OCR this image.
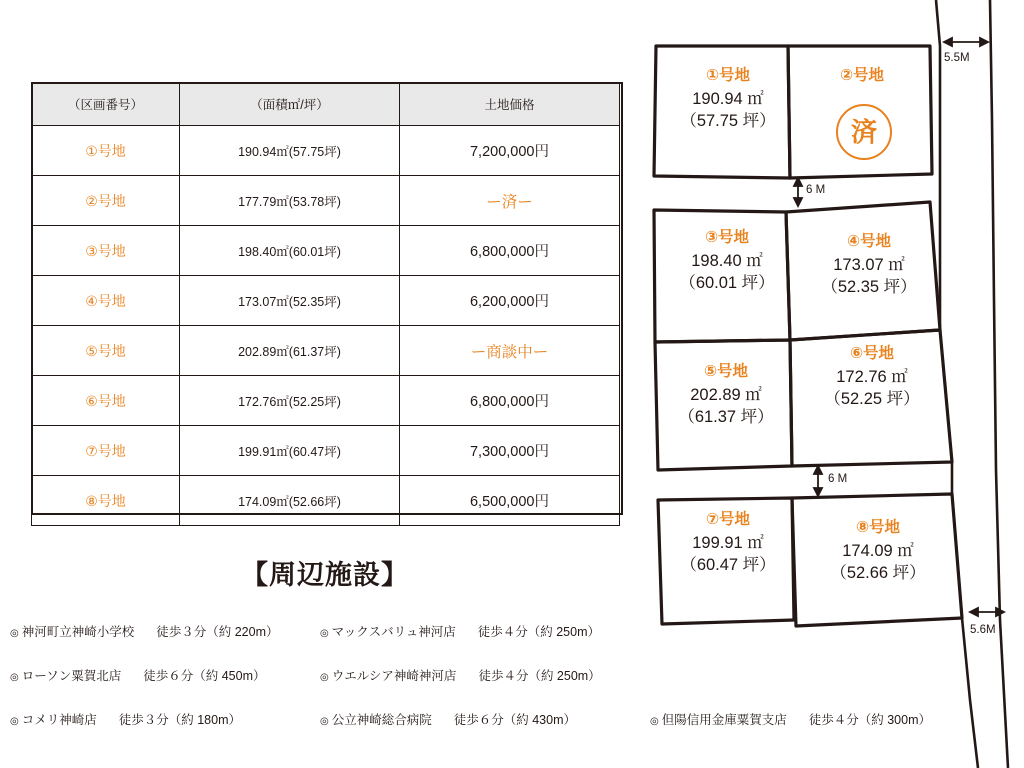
（区画番号）	（面積㎡/坪）	土地価格
①号地	190.94㎡(57.75坪)	7,200,000円
②号地	177.79㎡(53.78坪)	ー済ー
③号地	198.40㎡(60.01坪)	6,800,000円
④号地	173.07㎡(52.35坪)	6,200,000円
⑤号地	202.89㎡(61.37坪)	ー商談中ー
⑥号地	172.76㎡(52.25坪)	6,800,000円
⑦号地	199.91㎡(60.47坪)	7,300,000円
⑧号地	174.09㎡(52.66坪)	6,500,000円
【周辺施設】
◎ 神河町立神崎小学校 徒歩３分（約 220m）	◎ マックスバリュ神河店 徒歩４分（約 250m）
◎ ローソン粟賀北店 徒歩６分（約 450m）	◎ ウエルシア神崎神河店 徒歩４分（約 250m）
◎ コメリ神崎店 徒歩３分（約 180m）	◎ 公立神崎総合病院 徒歩６分（約 430m）	◎ 但陽信用金庫粟賀支店 徒歩４分（約 300m）
①号地
190.94 ㎡
（57.75 坪）
②号地
済
③号地
198.40 ㎡
（60.01 坪）
④号地
173.07 ㎡
（52.35 坪）
⑤号地
202.89 ㎡
（61.37 坪）
⑥号地
172.76 ㎡
（52.25 坪）
⑦号地
199.91 ㎡
（60.47 坪）
⑧号地
174.09 ㎡
（52.66 坪）
5.5M
6 M
6 M
5.6M
